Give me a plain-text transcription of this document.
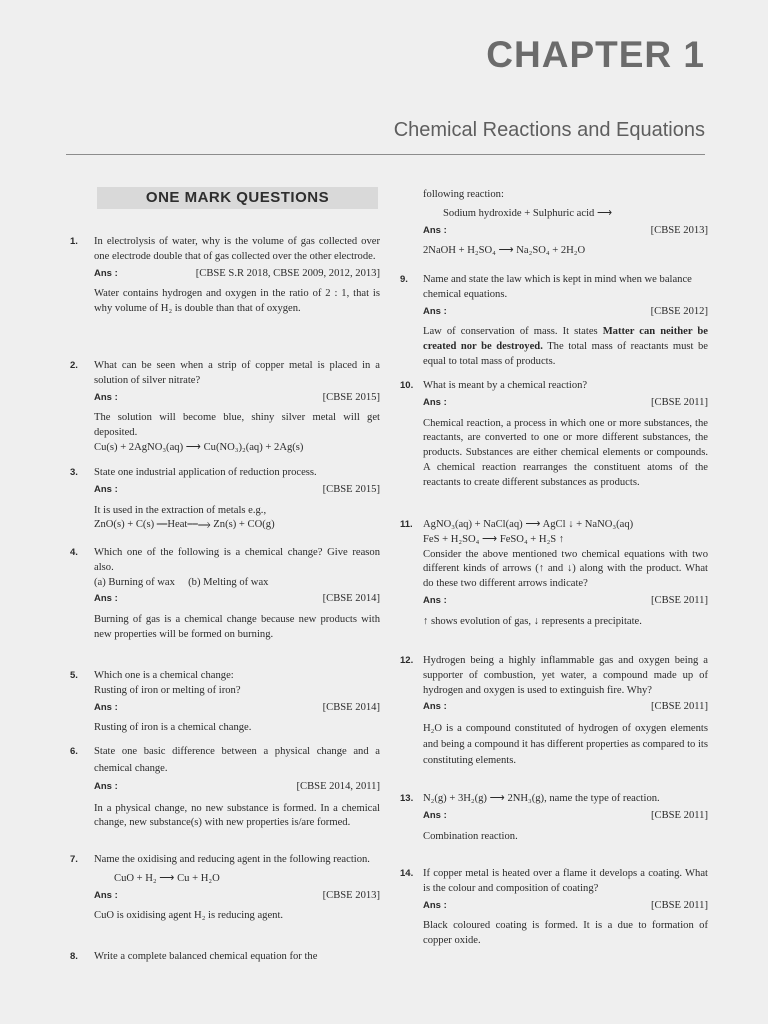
CHAPTER 1
Chemical Reactions and Equations
ONE MARK QUESTIONS
1. In electrolysis of water, why is the volume of gas collected over one electrode double that of gas collected over the other electrode.
Ans :	[CBSE S.R 2018, CBSE 2009, 2012, 2013]
Water contains hydrogen and oxygen in the ratio of 2 : 1, that is why volume of H₂ is double than that of oxygen.
2. What can be seen when a strip of copper metal is placed in a solution of silver nitrate?
Ans :	[CBSE 2015]
The solution will become blue, shiny silver metal will get deposited.
Cu(s) + 2AgNO₃(aq) ⟶ Cu(NO₃)₂(aq) + 2Ag(s)
3. State one industrial application of reduction process.
Ans :	[CBSE 2015]
It is used in the extraction of metals e.g.,
ZnO(s) + C(s) ⎯⎯Heat⎯⎯⟶ Zn(s) + CO(g)
4. Which one of the following is a chemical change? Give reason also.
(a) Burning of wax     (b) Melting of wax
Ans :	[CBSE 2014]
Burning of gas is a chemical change because new products with new properties will be formed on burning.
5. Which one is a chemical change:
Rusting of iron or melting of iron?
Ans :	[CBSE 2014]
Rusting of iron is a chemical change.
6. State one basic difference between a physical change and a chemical change.
Ans :	[CBSE 2014, 2011]
In a physical change, no new substance is formed. In a chemical change, new substance(s) with new properties is/are formed.
7. Name the oxidising and reducing agent in the following reaction.
CuO + H₂ ⟶ Cu + H₂O
Ans :	[CBSE 2013]
CuO is oxidising agent H₂ is reducing agent.
8. Write a complete balanced chemical equation for the
following reaction:
Sodium hydroxide + Sulphuric acid ⟶
Ans :	[CBSE 2013]
2NaOH + H₂SO₄ ⟶ Na₂SO₄ + 2H₂O
9. Name and state the law which is kept in mind when we balance chemical equations.
Ans :	[CBSE 2012]
Law of conservation of mass. It states Matter can neither be created nor be destroyed. The total mass of reactants must be equal to total mass of products.
10. What is meant by a chemical reaction?
Ans :	[CBSE 2011]
Chemical reaction, a process in which one or more substances, the reactants, are converted to one or more different substances, the products. Substances are either chemical elements or compounds. A chemical reaction rearranges the constituent atoms of the reactants to create different substances as products.
11. AgNO₃(aq) + NaCl(aq) ⟶ AgCl ↓ + NaNO₃(aq)
FeS + H₂SO₄ ⟶ FeSO₄ + H₂S ↑
Consider the above mentioned two chemical equations with two different kinds of arrows (↑ and ↓) along with the product. What do these two different arrows indicate?
Ans :	[CBSE 2011]
↑ shows evolution of gas, ↓ represents a precipitate.
12. Hydrogen being a highly inflammable gas and oxygen being a supporter of combustion, yet water, a compound made up of hydrogen and oxygen is used to extinguish fire. Why?
Ans :	[CBSE 2011]
H₂O is a compound constituted of hydrogen of oxygen elements and being a compound it has different properties as compared to its constituting elements.
13. N₂(g) + 3H₂(g) ⟶ 2NH₃(g), name the type of reaction.
Ans :	[CBSE 2011]
Combination reaction.
14. If copper metal is heated over a flame it develops a coating. What is the colour and composition of coating?
Ans :	[CBSE 2011]
Black coloured coating is formed. It is a due to formation of copper oxide.
